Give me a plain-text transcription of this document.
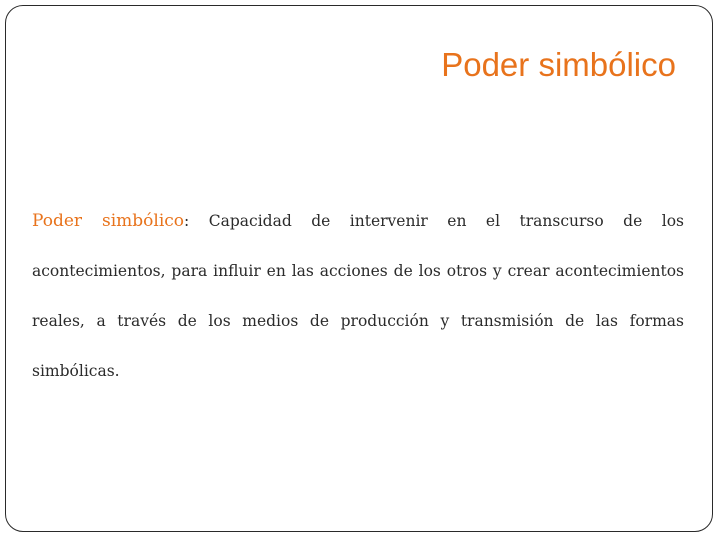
Poder simbólico

Poder simbólico: Capacidad de intervenir en el transcurso de los acontecimientos, para influir en las acciones de los otros y crear acontecimientos reales, a través de los medios de producción y transmisión de las formas simbólicas.
